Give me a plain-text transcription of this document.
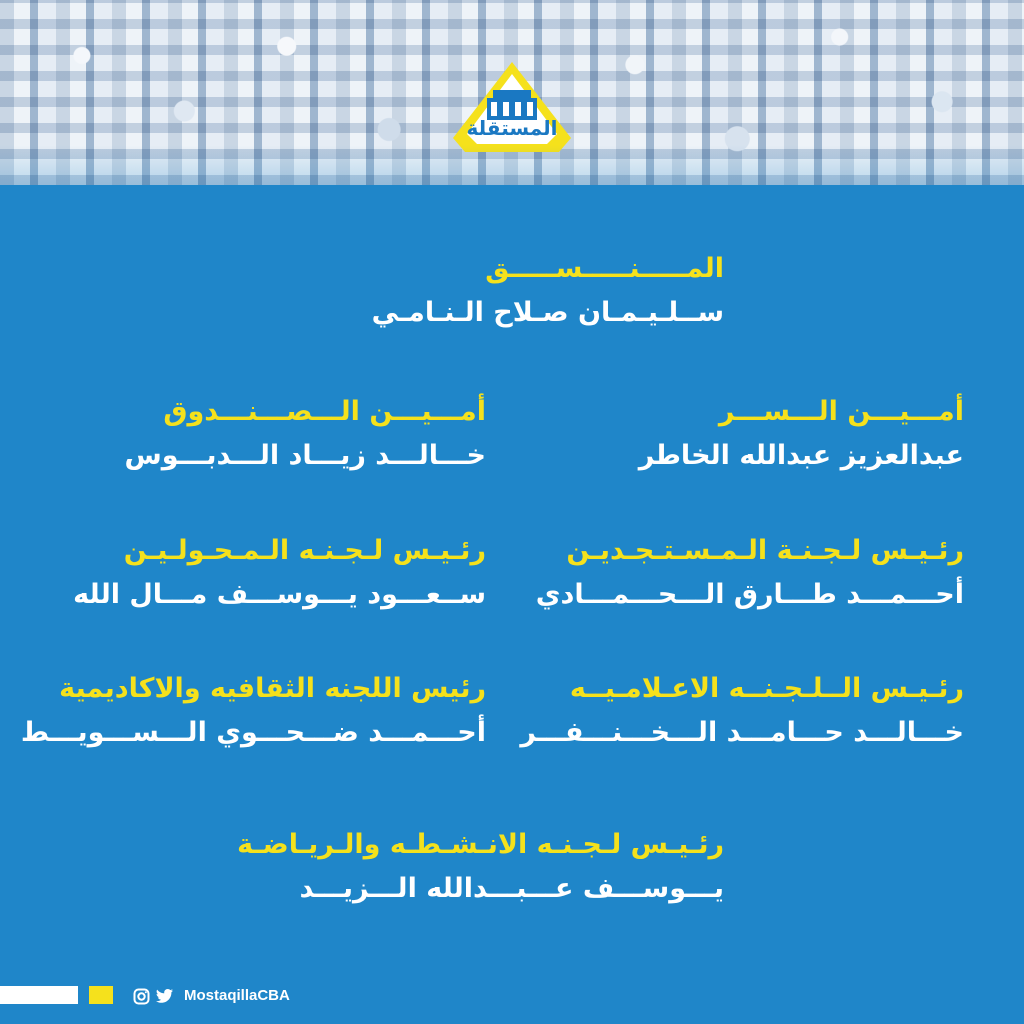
المستقلة
المـــــنـــــســـــق
ســلـيـمـان صـلاح الـنـامـي
أمـــيـــن الـــســـر
عبدالعزيز عبدالله الخاطر
أمـــيـــن الـــصـــنـــدوق
خـــالـــد زيـــاد الـــدبـــوس
رئـيـس لـجـنـة الـمـسـتـجـديـن
أحـــمـــد طـــارق الـــحـــمـــادي
رئـيـس لـجـنـه الـمـحـولـيـن
ســعـــود يـــوســـف مـــال الله
رئـيـس الــلـجـنــه الاعـلامـيــه
خـــالـــد حـــامـــد الـــخـــنـــفـــر
رئيس اللجنه الثقافيه والاكاديمية
أحـــمـــد ضـــحـــوي الـــســـويـــط
رئـيـس لـجـنـه الانـشـطـه والـريـاضـة
يـــوســـف عـــبـــدالله الـــزيـــد
MostaqillaCBA
